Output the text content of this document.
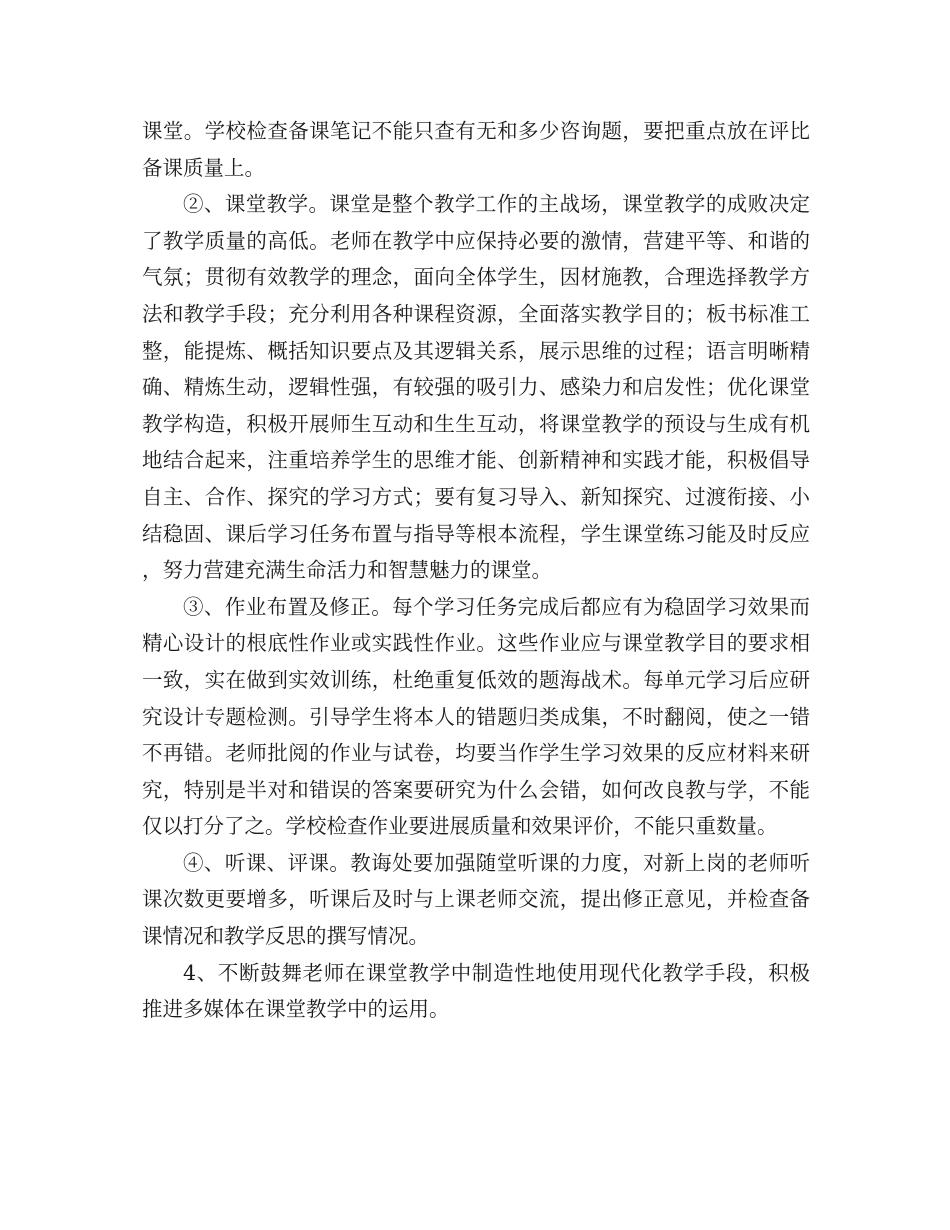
课堂。学校检查备课笔记不能只查有无和多少咨询题，要把重点放在评比备课质量上。

②、课堂教学。课堂是整个教学工作的主战场，课堂教学的成败决定了教学质量的高低。老师在教学中应保持必要的激情，营建平等、和谐的气氛；贯彻有效教学的理念，面向全体学生，因材施教，合理选择教学方法和教学手段；充分利用各种课程资源，全面落实教学目的；板书标准工整，能提炼、概括知识要点及其逻辑关系，展示思维的过程；语言明晰精确、精炼生动，逻辑性强，有较强的吸引力、感染力和启发性；优化课堂教学构造，积极开展师生互动和生生互动，将课堂教学的预设与生成有机地结合起来，注重培养学生的思维才能、创新精神和实践才能，积极倡导自主、合作、探究的学习方式；要有复习导入、新知探究、过渡衔接、小结稳固、课后学习任务布置与指导等根本流程，学生课堂练习能及时反应，努力营建充满生命活力和智慧魅力的课堂。

③、作业布置及修正。每个学习任务完成后都应有为稳固学习效果而精心设计的根底性作业或实践性作业。这些作业应与课堂教学目的要求相一致，实在做到实效训练，杜绝重复低效的题海战术。每单元学习后应研究设计专题检测。引导学生将本人的错题归类成集，不时翻阅，使之一错不再错。老师批阅的作业与试卷，均要当作学生学习效果的反应材料来研究，特别是半对和错误的答案要研究为什么会错，如何改良教与学，不能仅以打分了之。学校检查作业要进展质量和效果评价，不能只重数量。

④、听课、评课。教诲处要加强随堂听课的力度，对新上岗的老师听课次数更要增多，听课后及时与上课老师交流，提出修正意见，并检查备课情况和教学反思的撰写情况。

4、不断鼓舞老师在课堂教学中制造性地使用现代化教学手段，积极推进多媒体在课堂教学中的运用。
